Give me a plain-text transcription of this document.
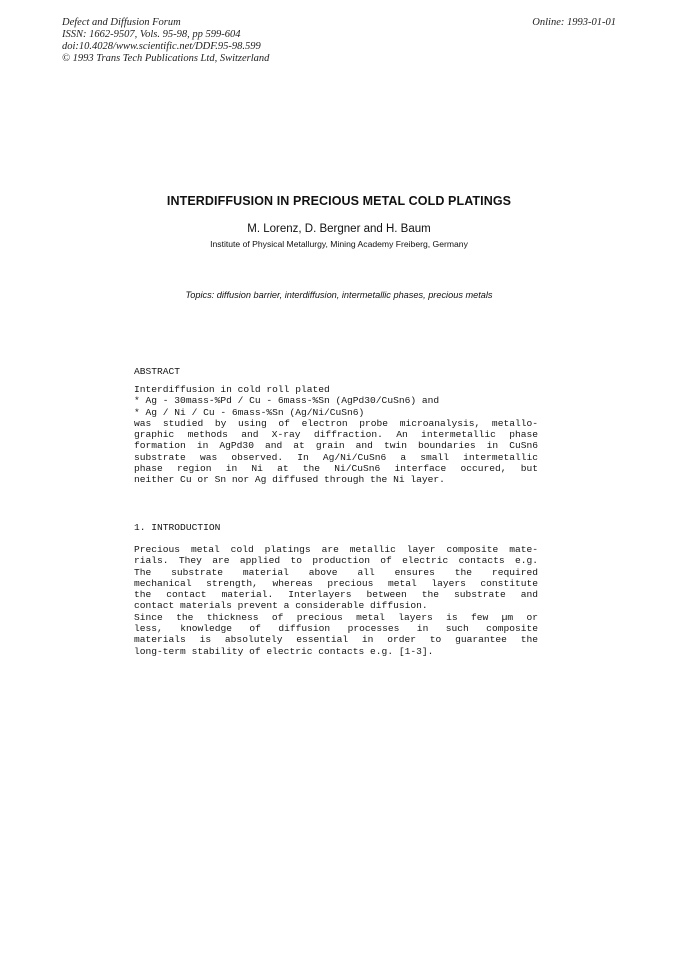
Defect and Diffusion Forum
ISSN: 1662-9507, Vols. 95-98, pp 599-604
doi:10.4028/www.scientific.net/DDF.95-98.599
© 1993 Trans Tech Publications Ltd, Switzerland
Online: 1993-01-01
INTERDIFFUSION IN PRECIOUS METAL COLD PLATINGS
M. Lorenz, D. Bergner and H. Baum
Institute of Physical Metallurgy, Mining Academy Freiberg, Germany
Topics: diffusion barrier, interdiffusion, intermetallic phases, precious metals
ABSTRACT
Interdiffusion in cold roll plated
* Ag - 30mass-%Pd / Cu - 6mass-%Sn (AgPd30/CuSn6) and
* Ag / Ni / Cu - 6mass-%Sn (Ag/Ni/CuSn6)
was studied by using of electron probe microanalysis, metallo-
graphic methods and X-ray diffraction. An intermetallic phase
formation in AgPd30 and at grain and twin boundaries in CuSn6
substrate was observed. In Ag/Ni/CuSn6 a small intermetallic
phase region in Ni at the Ni/CuSn6 interface occured, but
neither Cu or Sn nor Ag diffused through the Ni layer.
1. INTRODUCTION
Precious metal cold platings are metallic layer composite mate-
rials. They are applied to production of electric contacts e.g.
The substrate material above all ensures the required
mechanical strength, whereas precious metal layers constitute
the contact material. Interlayers between the substrate and
contact materials prevent a considerable diffusion.
Since the thickness of precious metal layers is few µm or
less, knowledge of diffusion processes in such composite
materials is absolutely essential in order to guarantee the
long-term stability of electric contacts e.g. [1-3].
